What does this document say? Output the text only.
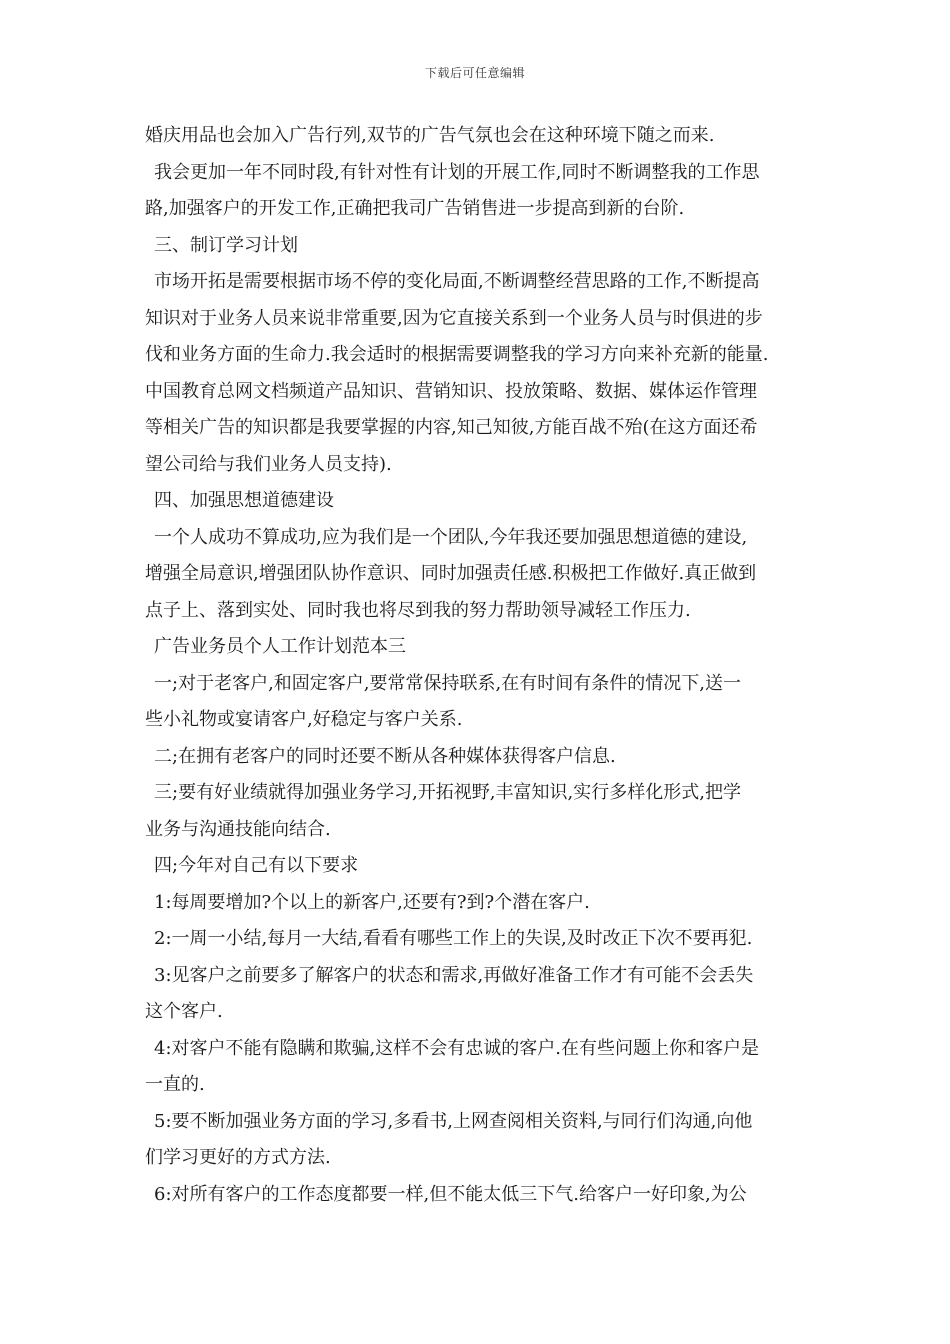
下载后可任意编辑
婚庆用品也会加入广告行列,双节的广告气氛也会在这种环境下随之而来.
我会更加一年不同时段,有针对性有计划的开展工作,同时不断调整我的工作思
路,加强客户的开发工作,正确把我司广告销售进一步提高到新的台阶.
三、制订学习计划
市场开拓是需要根据市场不停的变化局面,不断调整经营思路的工作,不断提高
知识对于业务人员来说非常重要,因为它直接关系到一个业务人员与时俱进的步
伐和业务方面的生命力.我会适时的根据需要调整我的学习方向来补充新的能量.
中国教育总网文档频道产品知识、营销知识、投放策略、数据、媒体运作管理
等相关广告的知识都是我要掌握的内容,知己知彼,方能百战不殆(在这方面还希
望公司给与我们业务人员支持).
四、加强思想道德建设
一个人成功不算成功,应为我们是一个团队,今年我还要加强思想道德的建设,
增强全局意识,增强团队协作意识、同时加强责任感.积极把工作做好.真正做到
点子上、落到实处、同时我也将尽到我的努力帮助领导减轻工作压力.
广告业务员个人工作计划范本三
一;对于老客户,和固定客户,要常常保持联系,在有时间有条件的情况下,送一
些小礼物或宴请客户,好稳定与客户关系.
二;在拥有老客户的同时还要不断从各种媒体获得客户信息.
三;要有好业绩就得加强业务学习,开拓视野,丰富知识,实行多样化形式,把学
业务与沟通技能向结合.
四;今年对自己有以下要求
1:每周要增加?个以上的新客户,还要有?到?个潜在客户.
2:一周一小结,每月一大结,看看有哪些工作上的失误,及时改正下次不要再犯.
3:见客户之前要多了解客户的状态和需求,再做好准备工作才有可能不会丢失
这个客户.
4:对客户不能有隐瞒和欺骗,这样不会有忠诚的客户.在有些问题上你和客户是
一直的.
5:要不断加强业务方面的学习,多看书,上网查阅相关资料,与同行们沟通,向他
们学习更好的方式方法.
6:对所有客户的工作态度都要一样,但不能太低三下气.给客户一好印象,为公
